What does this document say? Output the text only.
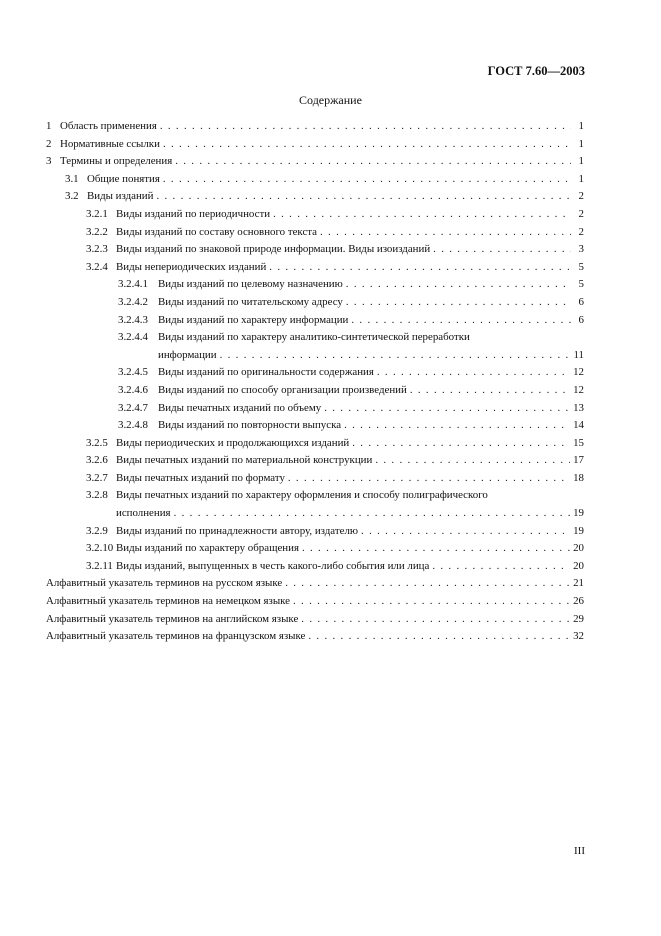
ГОСТ 7.60—2003
Содержание
1 Область применения . . .	1
2 Нормативные ссылки . . .	1
3 Термины и определения . . .	1
3.1 Общие понятия . . .	1
3.2 Виды изданий . . .	2
3.2.1 Виды изданий по периодичности . . .	2
3.2.2 Виды изданий по составу основного текста . . .	2
3.2.3 Виды изданий по знаковой природе информации. Виды изоизданий . . .	3
3.2.4 Виды непериодических изданий . . .	5
3.2.4.1 Виды изданий по целевому назначению . . .	5
3.2.4.2 Виды изданий по читательскому адресу . . .	6
3.2.4.3 Виды изданий по характеру информации . . .	6
3.2.4.4 Виды изданий по характеру аналитико-синтетической переработки
информации . . .	11
3.2.4.5 Виды изданий по оригинальности содержания . . .	12
3.2.4.6 Виды изданий по способу организации произведений . . .	12
3.2.4.7 Виды печатных изданий по объему . . .	13
3.2.4.8 Виды изданий по повторности выпуска . . .	14
3.2.5 Виды периодических и продолжающихся изданий . . .	15
3.2.6 Виды печатных изданий по материальной конструкции . . .	17
3.2.7 Виды печатных изданий по формату . . .	18
3.2.8 Виды печатных изданий по характеру оформления и способу полиграфического
исполнения . . .	19
3.2.9 Виды изданий по принадлежности автору, издателю . . .	19
3.2.10 Виды изданий по характеру обращения . . .	20
3.2.11 Виды изданий, выпущенных в честь какого-либо события или лица . . .	20
Алфавитный указатель терминов на русском языке . . .	21
Алфавитный указатель терминов на немецком языке . . .	26
Алфавитный указатель терминов на английском языке . . .	29
Алфавитный указатель терминов на французском языке . . .	32
III
